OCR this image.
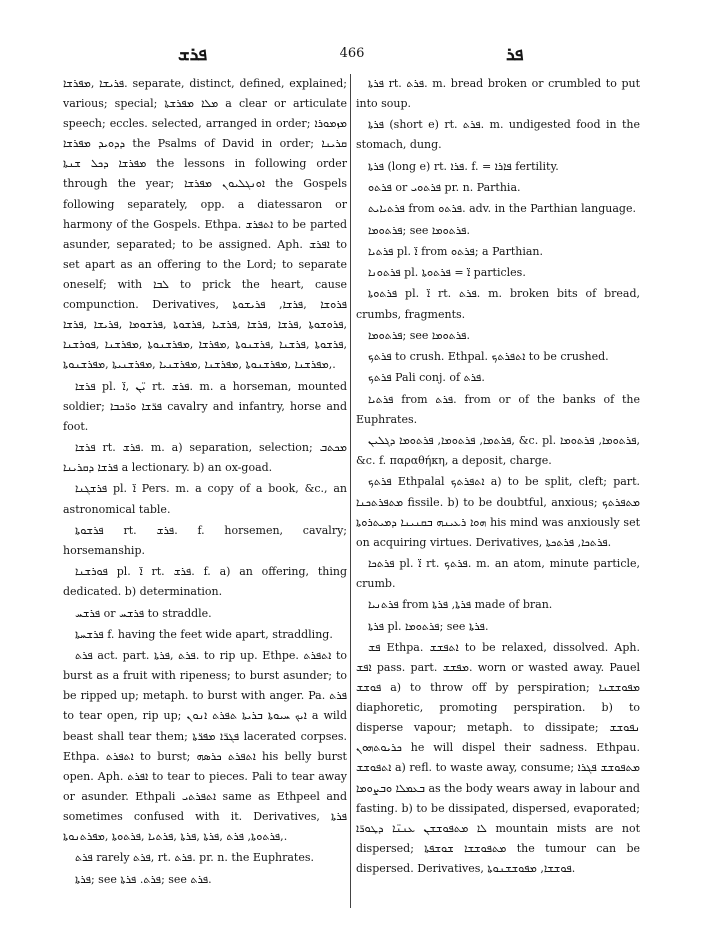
ܦܪܫ	466	ܦܪ

ܦܪܝܫܐ ,ܡܦܪܫܐ. separate, distinct, defined, explained; various; special; ܡܠܐ ܡܦܪܫܬܐ a clear or articulate speech; eccles. selected, arranged in order; ܡܙܡܘܪܐ ܕܕܘܝܕ ܡܦܪܫܐ the Psalms of David in order; ܩܪܝܢܐ ܡܦܪܫܐ ܕܟܠ ܫܢܬܐ the lessons in following order through the year; ܐܘܢܓܠܝܘܢ ܡܦܪܫܐ the Gospels following separately, opp. a diatessaron or harmony of the Gospels. Ethpa. ܐܬܦܪܫ to be parted asunder, separated; to be assigned. Aph. ܐܦܪܫ to set apart as an offering to the Lord; to separate oneself; with ܠܒܐ to prick the heart, cause compunction. Derivatives, ܦܪܘܫܐ ,ܦܪܫܐ, ܦܪܝܫܘܬܐ ,ܦܪܘܫܘܬܐ ,ܦܪܫܐ ,ܦܪܫܐ ,ܦܪܫܝܐ ,ܦܪܫܘܬܐ ,ܦܪܫܘܡܐ ,ܦܪܝܫܐ ,ܦܪܫܐ ,ܦܪܫܘܬܐ ,ܦܪܫܢܐ ,ܦܪܫܢܘܬܐ ,ܡܦܪܫܐ ,ܡܦܪܫܢܘܬܐ ,ܡܦܪܫܢܐ ,ܦܘܪܫܢܐ ,ܡܦܪܫܢܐ ,ܡܦܪܫܢܘܬܐ ,ܡܦܪܫܢܐ ,ܡܦܪܫܢܝܐ ,ܡܦܪܫܢܝܬܐ ,ܡܦܪܫܢܘܬܐ.

ܦܪܫܐ pl. ܝ̈ܢ ,ܐ̈ rt. ܦܪܫ. m. a horseman, mounted soldier; ܦܪ̈ܫܐ ܘܪ̈ܟܒܐ cavalry and infantry, horse and foot.

ܦܪܫܐ rt. ܦܪܫ. m. a) separation, selection; ܡܟܬܒ ܦܪܫܐ ܕܩܪܝܢܐ a lectionary. b) an ox-goad.

ܦܪܫܓܢܐ pl. ܐ̈ Pers. m. a copy of a book, &c., an astronomical table.

ܦܪܫܘܬܐ rt. ܦܪܫ. f. horsemen, cavalry; horsemanship.

ܦܘܪܫܢܐ pl. ܐ̈ rt. ܦܪܫ. f. a) an offering, thing dedicated. b) determination.

ܦܪܫܚ or ܦܪܫܚ to straddle.

ܦܪܫܚܬܐ f. having the feet wide apart, straddling.

ܦܪܬ act. part. ܦܪܬ ,ܦܪܬܐ. to rip up. Ethpe. ܐܬܦܪܬ to burst as a fruit with ripeness; to burst asunder; to be ripped up; metaph. to burst with anger. Pa. ܦܪܬ to tear open, rip up; ܐܝܟ ܚܝܘܬܐ ܒܪܝܬܐ ܬܦܪܬ ܐܢܘܢ a wild beast shall tear them; ܦܓܪ̈ܐ ܡܦܪ̈ܬܐ lacerated corpses. Ethpa. ܐܬܦܪܬ to burst; ܐܬܦܪܬ ܟܪܣܗ his belly burst open. Aph. ܐܦܪܬ to tear to pieces. Pali to tear away or asunder. Ethpali ܐܬܦܪܬܝ same as Ethpeel and sometimes confused with it. Derivatives, ܦܪܬܐ ,ܦܪܬܘܬܐ, ܦܪܬ ,ܦܪܬܐ ,ܦܪܬܐ ,ܦܪܬܝܐ ,ܦܪܬܘܬܐ ,ܡܦܪܬܢܘܬܐ.

ܦܪܬ rarely ܦܪܬ, rt. ܦܪܬ. pr. n. the Euphrates.

ܦܪܬܐ; see ܦܪܬ. ܦܪܬܐ; see ܦܪܬ.

ܦܪܬܐ rt. ܦܪܬ. m. bread broken or crumbled to put into soup.

ܦܪܬܐ (short e) rt. ܦܪܬ. m. undigested food in the stomach, dung.

ܦܪܬܐ (long e) rt. ܦܪܐ. f. = ܦܐܪܐ fertility.

ܦܪܬܘ or ܦܪܬܘܝ pr. n. Parthia.

ܦܪܬܝܐܝܬ from ܦܪܬܘ. adv. in the Parthian language.

ܦܪܬܘܡܐ; see ܦܪܬܘܡܐ.

ܦܪܬܝܐ pl. ܐ̈ from ܦܪܬܘ; a Parthian.

ܦܪܬܘܢܐ pl. ܐ̈ = ܦܪܬܘܬܐ particles.

ܦܪܬܘܬܐ pl. ܐ̈ rt. ܦܪܬ. m. broken bits of bread, crumbs, fragments.

ܦܪܬܘܡܐ; see ܦܪܬܘܡܐ.

ܦܪܬܟ to crush. Ethpal. ܐܬܦܪܬܟ to be crushed.

ܦܪܬܟ Pali conj. of ܦܪܬ.

ܦܪܬܝܐ from ܦܪܬ. from or of the banks of the Euphrates.

ܦܪܬܡܐ, ܦܪܬܘܡܐ, ܦܪܬܘܡܐ ܕܓܠܝܢ, &c. pl. ܦܪܬܘܡܐ, ܦܪܬܘܡܐ, &c. f. παραθήκη, a deposit, charge.

ܦܪܬܟ Ethpalal ܐܬܦܪܬܟ a) to be split, cleft; part. ܡܬܦܪܬܟܢܐ fissile. b) to be doubtful, anxious; ܡܬܦܪܬܟ ܗܘܐ ܪܥܝܢܗ ܒܩܢܝܢܐ ܕܡܝܬܪܘܬܐ his mind was anxiously set on acquiring virtues. Derivatives, ܦܪܬܟܐ, ܦܪܬܟܬܐ.

ܦܪܬܟܐ pl. ܐ̈ rt. ܦܪܬܟ. m. an atom, minute particle, crumb.

ܦܪܬܢܝܐ from ܦܪܬܐ, ܦܪܬܐ made of bran.

ܦܪܬܐ pl. ܦܪܬܘܡܐ; see ܦܪܬܐ.

ܦܫ Ethpa. ܐܬܦܫܫ to be relaxed, dissolved. Aph. ܐܦܫ pass. part. ܡܦܫܫ. worn or wasted away. Pauel ܦܘܫܫ a) to throw off by perspiration; ܡܦܘܫܫܢܐ diaphoretic, promoting perspiration. b) to disperse vapour; metaph. to dissipate; ܢܦܘܫܫ ܟܪܝܘܬܗܘܢ he will dispel their sadness. Ethpau. ܐܬܦܘܫܫ a) refl. to waste away, consume; ܡܬܦܘܫܫ ܦܓܪܐ ܒܥܡܠܐ ܘܒܨܘܡܐ as the body wears away in labour and fasting. b) to be dissipated, dispersed, evaporated; ܠܐ ܡܬܦܘܫܫܢ ܥܢܢ̈ܐ ܕܛܘܪ̈ܐ mountain mists are not dispersed; ܡܬܦܘܫܫܐ ܫܘܫܦܬܐ the tumour can be dispersed. Derivatives, ܦܘܫܫܐ, ܡܦܘܫܫܢܘܬܐ.
